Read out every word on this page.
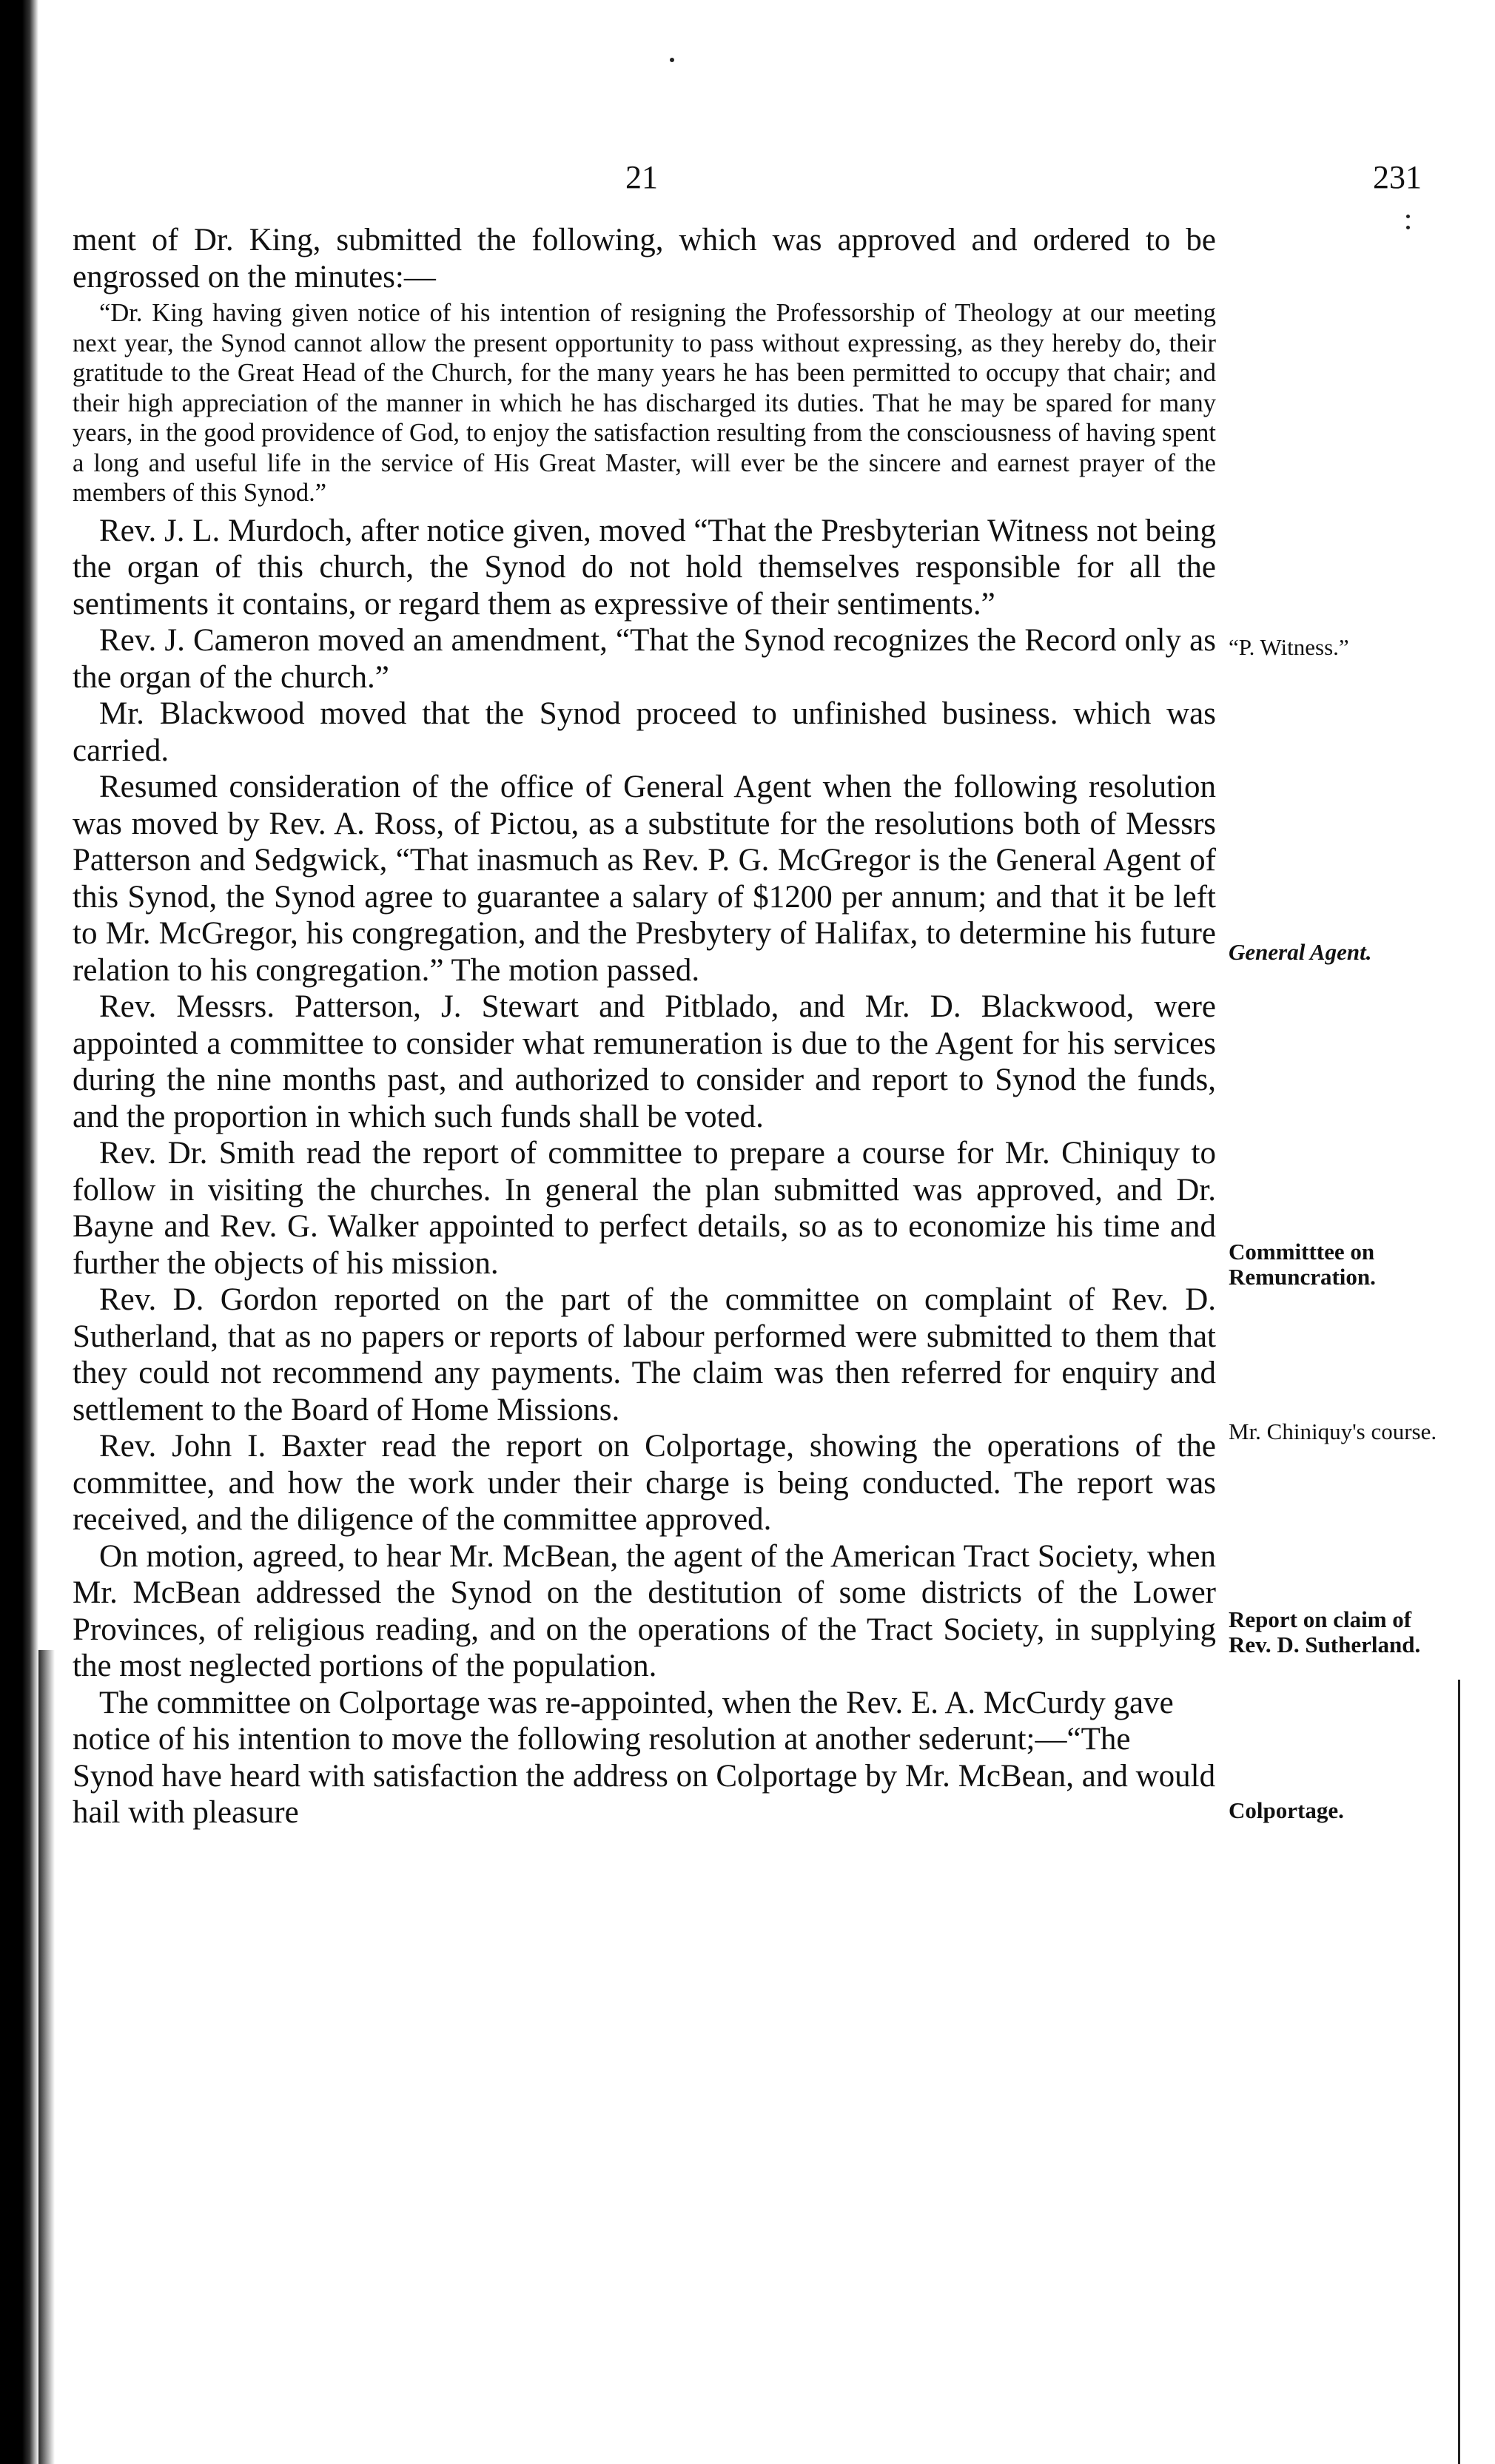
21	231

ment of Dr. King, submitted the following, which was approved and ordered to be engrossed on the minutes:—

“Dr. King having given notice of his intention of resigning the Professorship of Theology at our meeting next year, the Synod cannot allow the present opportunity to pass without expressing, as they hereby do, their gratitude to the Great Head of the Church, for the many years he has been permitted to occupy that chair; and their high appreciation of the manner in which he has discharged its duties. That he may be spared for many years, in the good providence of God, to enjoy the satisfaction resulting from the consciousness of having spent a long and useful life in the service of His Great Master, will ever be the sincere and earnest prayer of the members of this Synod.”

Rev. J. L. Murdoch, after notice given, moved “That the Presbyterian Witness not being the organ of this church, the Synod do not hold themselves responsible for all the sentiments it contains, or regard them as expressive of their sentiments.”

Rev. J. Cameron moved an amendment, “That the Synod recognizes the Record only as the organ of the church.”

Mr. Blackwood moved that the Synod proceed to unfinished business. which was carried.

Resumed consideration of the office of General Agent when the following resolution was moved by Rev. A. Ross, of Pictou, as a substitute for the resolutions both of Messrs Patterson and Sedgwick, “That inasmuch as Rev. P. G. McGregor is the General Agent of this Synod, the Synod agree to guarantee a salary of $1200 per annum; and that it be left to Mr. McGregor, his congregation, and the Presbytery of Halifax, to determine his future relation to his congregation.” The motion passed.

Rev. Messrs. Patterson, J. Stewart and Pitblado, and Mr. D. Blackwood, were appointed a committee to consider what remuneration is due to the Agent for his services during the nine months past, and authorized to consider and report to Synod the funds, and the proportion in which such funds shall be voted.

Rev. Dr. Smith read the report of committee to prepare a course for Mr. Chiniquy to follow in visiting the churches. In general the plan submitted was approved, and Dr. Bayne and Rev. G. Walker appointed to perfect details, so as to economize his time and further the objects of his mission.

Rev. D. Gordon reported on the part of the committee on complaint of Rev. D. Sutherland, that as no papers or reports of labour performed were submitted to them that they could not recommend any payments. The claim was then referred for enquiry and settlement to the Board of Home Missions.

Rev. John I. Baxter read the report on Colportage, showing the operations of the committee, and how the work under their charge is being conducted. The report was received, and the diligence of the committee approved.

On motion, agreed, to hear Mr. McBean, the agent of the American Tract Society, when Mr. McBean addressed the Synod on the destitution of some districts of the Lower Provinces, of religious reading, and on the operations of the Tract Society, in supplying the most neglected portions of the population.

The committee on Colportage was re-appointed, when the Rev. E. A. McCurdy gave notice of his intention to move the following resolution at another sederunt;—“The Synod have heard with satisfaction the address on Colportage by Mr. McBean, and would hail with pleasure

“P. Witness.”
General Agent.
Committtee on Remuncration.
Mr. Chiniquy's course.
Report on claim of Rev. D. Sutherland.
Colportage.
